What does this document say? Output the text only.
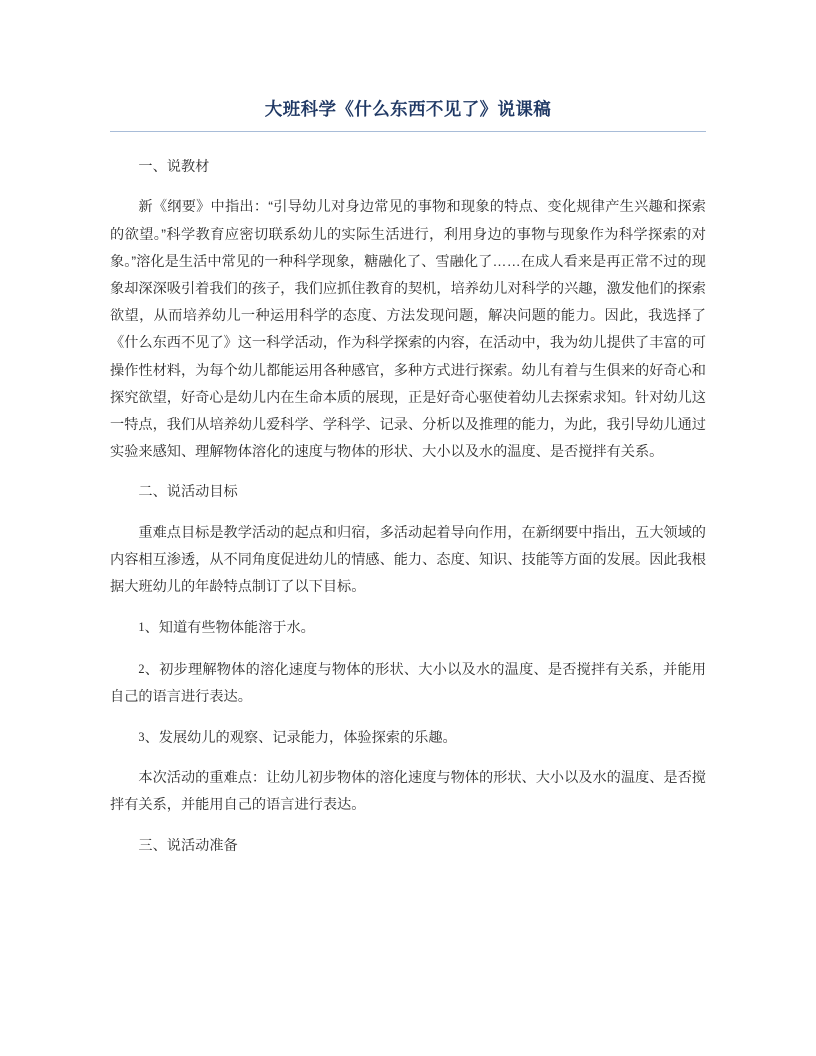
大班科学《什么东西不见了》说课稿

一、说教材

新《纲要》中指出：“引导幼儿对身边常见的事物和现象的特点、变化规律产生兴趣和探索的欲望。”科学教育应密切联系幼儿的实际生活进行，利用身边的事物与现象作为科学探索的对象。”溶化是生活中常见的一种科学现象，糖融化了、雪融化了……在成人看来是再正常不过的现象却深深吸引着我们的孩子，我们应抓住教育的契机，培养幼儿对科学的兴趣，激发他们的探索欲望，从而培养幼儿一种运用科学的态度、方法发现问题，解决问题的能力。因此，我选择了《什么东西不见了》这一科学活动，作为科学探索的内容，在活动中，我为幼儿提供了丰富的可操作性材料，为每个幼儿都能运用各种感官，多种方式进行探索。幼儿有着与生俱来的好奇心和探究欲望，好奇心是幼儿内在生命本质的展现，正是好奇心驱使着幼儿去探索求知。针对幼儿这一特点，我们从培养幼儿爱科学、学科学、记录、分析以及推理的能力，为此，我引导幼儿通过实验来感知、理解物体溶化的速度与物体的形状、大小以及水的温度、是否搅拌有关系。

二、说活动目标

重难点目标是教学活动的起点和归宿，多活动起着导向作用，在新纲要中指出，五大领域的内容相互渗透，从不同角度促进幼儿的情感、能力、态度、知识、技能等方面的发展。因此我根据大班幼儿的年龄特点制订了以下目标。

1、知道有些物体能溶于水。

2、初步理解物体的溶化速度与物体的形状、大小以及水的温度、是否搅拌有关系，并能用自己的语言进行表达。

3、发展幼儿的观察、记录能力，体验探索的乐趣。

本次活动的重难点：让幼儿初步物体的溶化速度与物体的形状、大小以及水的温度、是否搅拌有关系，并能用自己的语言进行表达。

三、说活动准备
